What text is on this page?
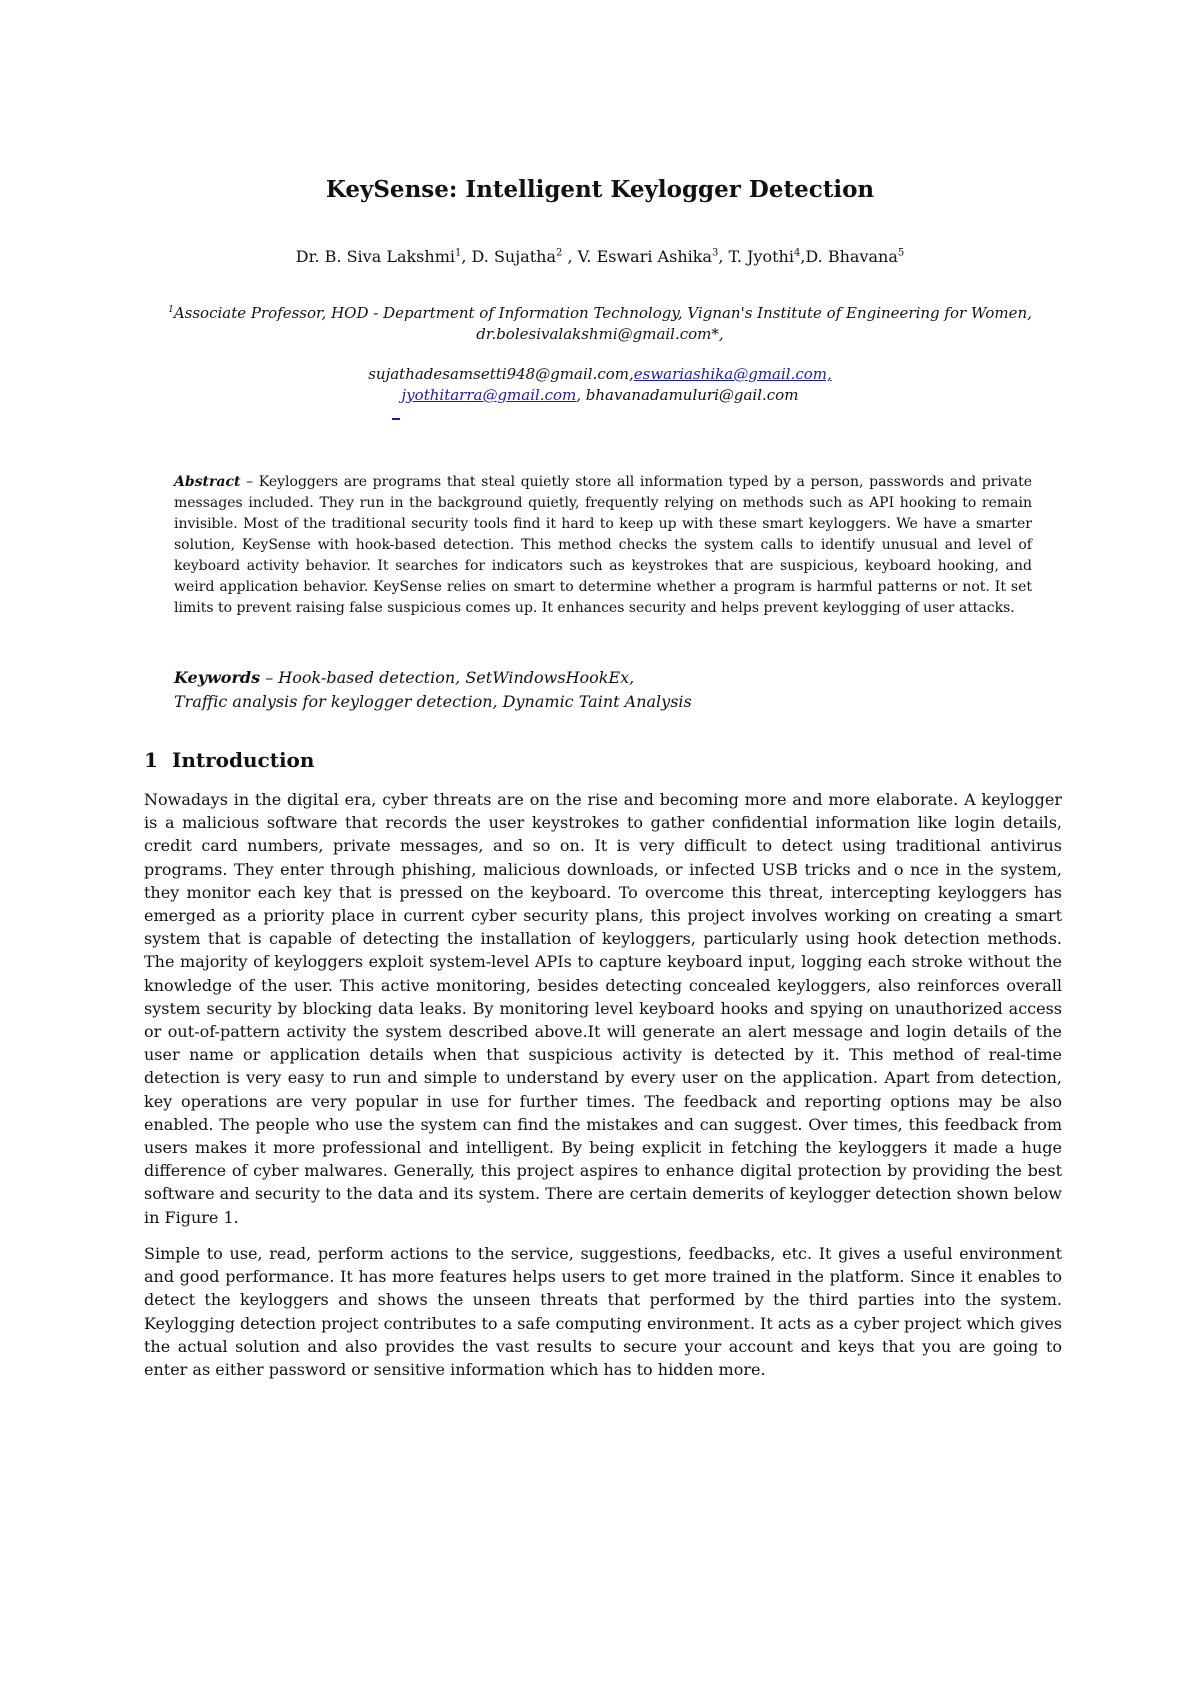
KeySense: Intelligent Keylogger Detection
Dr. B. Siva Lakshmi$^1$, D. Sujatha$^2$ , V. Eswari Ashika$^3$, T. Jyothi$^4$,D. Bhavana$^5$
$^1$Associate Professor, HOD - Department of Information Technology, Vignan's Institute of Engineering for Women,
dr.bolesivalakshmi@gmail.com*,
sujathadesamsetti948@gmail.com,eswariashika@gmail.com,
jyothitarra@gmail.com, bhavanadamuluri@gail.com

Abstract – Keyloggers are programs that steal quietly store all information typed by a person, passwords and private messages included. They run in the background quietly, frequently relying on methods such as API hooking to remain invisible. Most of the traditional security tools find it hard to keep up with these smart keyloggers. We have a smarter solution, KeySense with hook-based detection. This method checks the system calls to identify unusual and level of keyboard activity behavior. It searches for indicators such as keystrokes that are suspicious, keyboard hooking, and weird application behavior. KeySense relies on smart to determine whether a program is harmful patterns or not. It set limits to prevent raising false suspicious comes up. It enhances security and helps prevent keylogging of user attacks.

Keywords – Hook-based detection, SetWindowsHookEx,
Traffic analysis for keylogger detection, Dynamic Taint Analysis

1 Introduction

Nowadays in the digital era, cyber threats are on the rise and becoming more and more elaborate. A keylogger is a malicious software that records the user keystrokes to gather confidential information like login details, credit card numbers, private messages, and so on. It is very difficult to detect using traditional antivirus programs. They enter through phishing, malicious downloads, or infected USB tricks and o nce in the system, they monitor each key that is pressed on the keyboard. To overcome this threat, intercepting keyloggers has emerged as a priority place in current cyber security plans, this project involves working on creating a smart system that is capable of detecting the installation of keyloggers, particularly using hook detection methods. The majority of keyloggers exploit system-level APIs to capture keyboard input, logging each stroke without the knowledge of the user. This active monitoring, besides detecting concealed keyloggers, also reinforces overall system security by blocking data leaks. By monitoring level keyboard hooks and spying on unauthorized access or out-of-pattern activity the system described above.It will generate an alert message and login details of the user name or application details when that suspicious activity is detected by it. This method of real-time detection is very easy to run and simple to understand by every user on the application. Apart from detection, key operations are very popular in use for further times. The feedback and reporting options may be also enabled. The people who use the system can find the mistakes and can suggest. Over times, this feedback from users makes it more professional and intelligent. By being explicit in fetching the keyloggers it made a huge difference of cyber malwares. Generally, this project aspires to enhance digital protection by providing the best software and security to the data and its system. There are certain demerits of keylogger detection shown below in Figure 1.

Simple to use, read, perform actions to the service, suggestions, feedbacks, etc. It gives a useful environment and good performance. It has more features helps users to get more trained in the platform. Since it enables to detect the keyloggers and shows the unseen threats that performed by the third parties into the system. Keylogging detection project contributes to a safe computing environment. It acts as a cyber project which gives the actual solution and also provides the vast results to secure your account and keys that you are going to enter as either password or sensitive information which has to hidden more.
